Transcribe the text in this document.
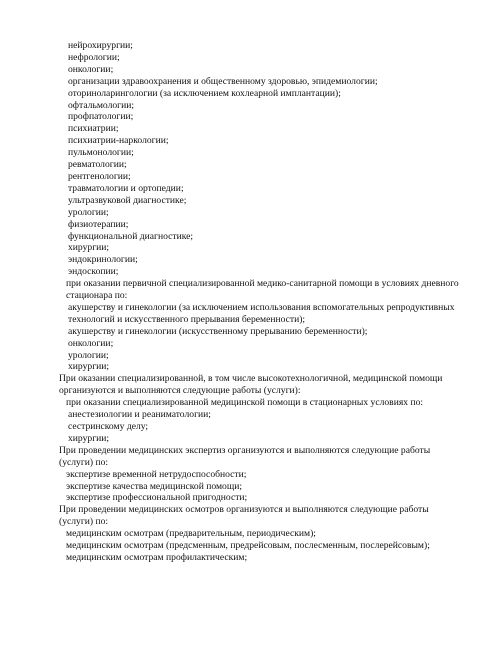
нейрохирургии;
нефрологии;
онкологии;
организации здравоохранения и общественному здоровью, эпидемиологии;
оториноларингологии (за исключением кохлеарной имплантации);
офтальмологии;
профпатологии;
психиатрии;
психиатрии-наркологии;
пульмонологии;
ревматологии;
рентгенологии;
травматологии и ортопедии;
ультразвуковой диагностике;
урологии;
физиотерапии;
функциональной диагностике;
хирургии;
эндокринологии;
эндоскопии;
при оказании первичной специализированной медико-санитарной помощи в условиях дневного стационара по:
акушерству и гинекологии (за исключением использования вспомогательных репродуктивных технологий и искусственного прерывания беременности);
акушерству и гинекологии (искусственному прерыванию беременности);
онкологии;
урологии;
хирургии;
При оказании специализированной, в том числе высокотехнологичной, медицинской помощи организуются и выполняются следующие работы (услуги):
при оказании специализированной медицинской помощи в стационарных условиях по:
анестезиологии и реаниматологии;
сестринскому делу;
хирургии;
При проведении медицинских экспертиз организуются и выполняются следующие работы (услуги) по:
экспертизе временной нетрудоспособности;
экспертизе качества медицинской помощи;
экспертизе профессиональной пригодности;
При проведении медицинских осмотров организуются и выполняются следующие работы (услуги) по:
медицинским осмотрам (предварительным, периодическим);
медицинским осмотрам (предсменным, предрейсовым, послесменным, послерейсовым);
медицинским осмотрам профилактическим;
